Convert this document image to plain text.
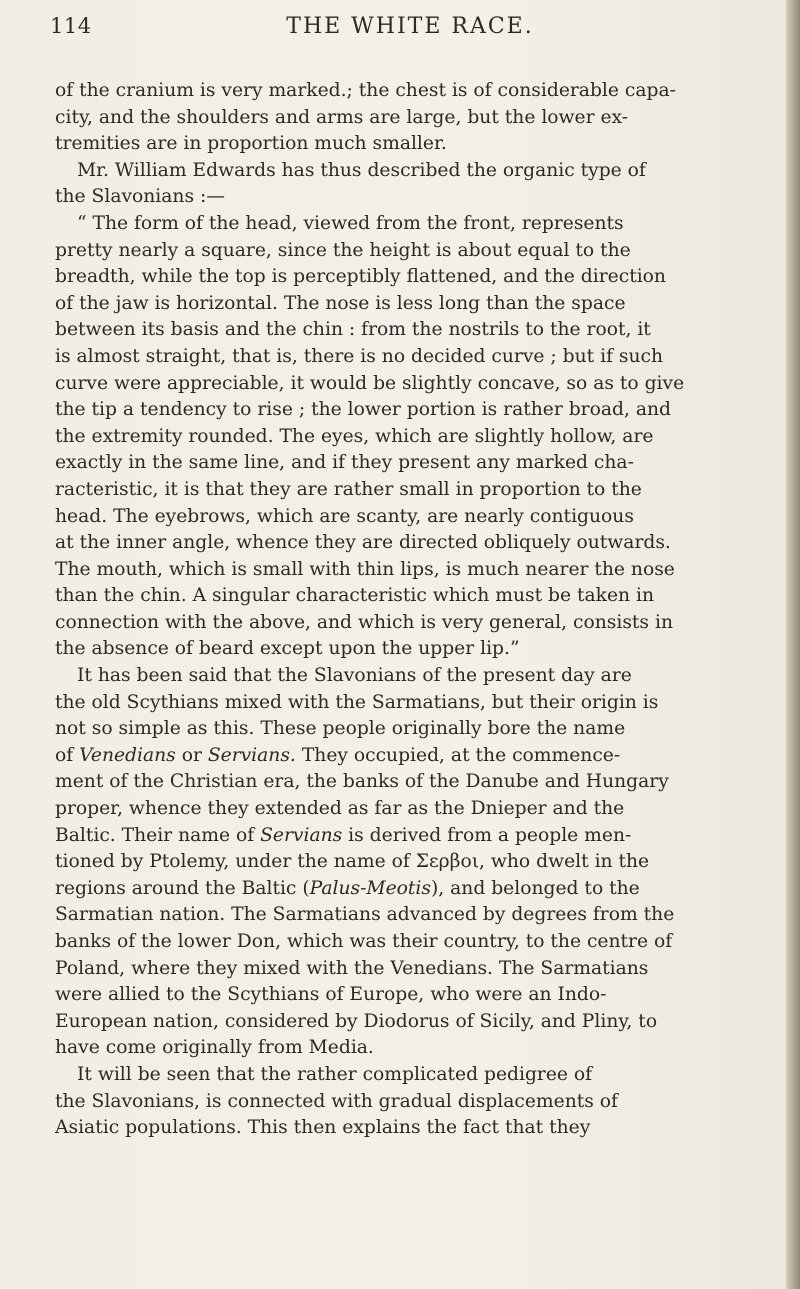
114	THE WHITE RACE.
of the cranium is very marked.; the chest is of considerable capa-
city, and the shoulders and arms are large, but the lower ex-
tremities are in proportion much smaller.
Mr. William Edwards has thus described the organic type of
the Slavonians :—
“ The form of the head, viewed from the front, represents
pretty nearly a square, since the height is about equal to the
breadth, while the top is perceptibly flattened, and the direction
of the jaw is horizontal. The nose is less long than the space
between its basis and the chin : from the nostrils to the root, it
is almost straight, that is, there is no decided curve ; but if such
curve were appreciable, it would be slightly concave, so as to give
the tip a tendency to rise ; the lower portion is rather broad, and
the extremity rounded. The eyes, which are slightly hollow, are
exactly in the same line, and if they present any marked cha-
racteristic, it is that they are rather small in proportion to the
head. The eyebrows, which are scanty, are nearly contiguous
at the inner angle, whence they are directed obliquely outwards.
The mouth, which is small with thin lips, is much nearer the nose
than the chin. A singular characteristic which must be taken in
connection with the above, and which is very general, consists in
the absence of beard except upon the upper lip.”
It has been said that the Slavonians of the present day are
the old Scythians mixed with the Sarmatians, but their origin is
not so simple as this. These people originally bore the name
of Venedians or Servians. They occupied, at the commence-
ment of the Christian era, the banks of the Danube and Hungary
proper, whence they extended as far as the Dnieper and the
Baltic. Their name of Servians is derived from a people men-
tioned by Ptolemy, under the name of Σερβοι, who dwelt in the
regions around the Baltic (Palus-Meotis), and belonged to the
Sarmatian nation. The Sarmatians advanced by degrees from the
banks of the lower Don, which was their country, to the centre of
Poland, where they mixed with the Venedians. The Sarmatians
were allied to the Scythians of Europe, who were an Indo-
European nation, considered by Diodorus of Sicily, and Pliny, to
have come originally from Media.
It will be seen that the rather complicated pedigree of
the Slavonians, is connected with gradual displacements of
Asiatic populations. This then explains the fact that they
